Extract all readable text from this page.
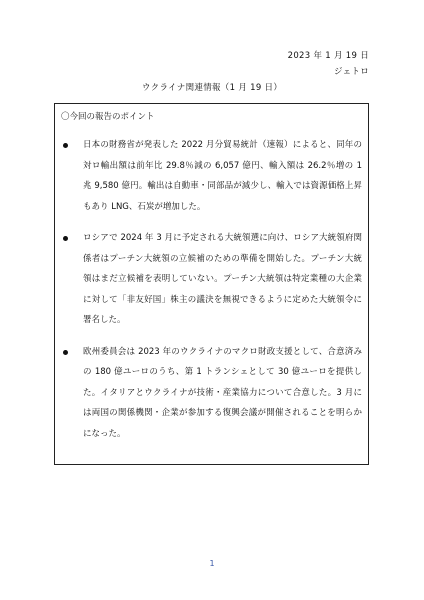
2023 年 1 月 19 日
ジェトロ
ウクライナ関連情報（1 月 19 日）
〇今回の報告のポイント
日本の財務省が発表した 2022 月分貿易統計（速報）によると、同年の対ロ輸出額は前年比 29.8％減の 6,057 億円、輸入額は 26.2％増の 1 兆 9,580 億円。輸出は自動車・同部品が減少し、輸入では資源価格上昇もあり LNG、石炭が増加した。
ロシアで 2024 年 3 月に予定される大統領選に向け、ロシア大統領府関係者はプーチン大統領の立候補のための準備を開始した。プーチン大統領はまだ立候補を表明していない。プーチン大統領は特定業種の大企業に対して「非友好国」株主の議決を無視できるように定めた大統領令に署名した。
欧州委員会は 2023 年のウクライナのマクロ財政支援として、合意済みの 180 億ユーロのうち、第 1 トランシェとして 30 億ユーロを提供した。イタリアとウクライナが技術・産業協力について合意した。3 月には両国の関係機関・企業が参加する復興会議が開催されることを明らかになった。
1
